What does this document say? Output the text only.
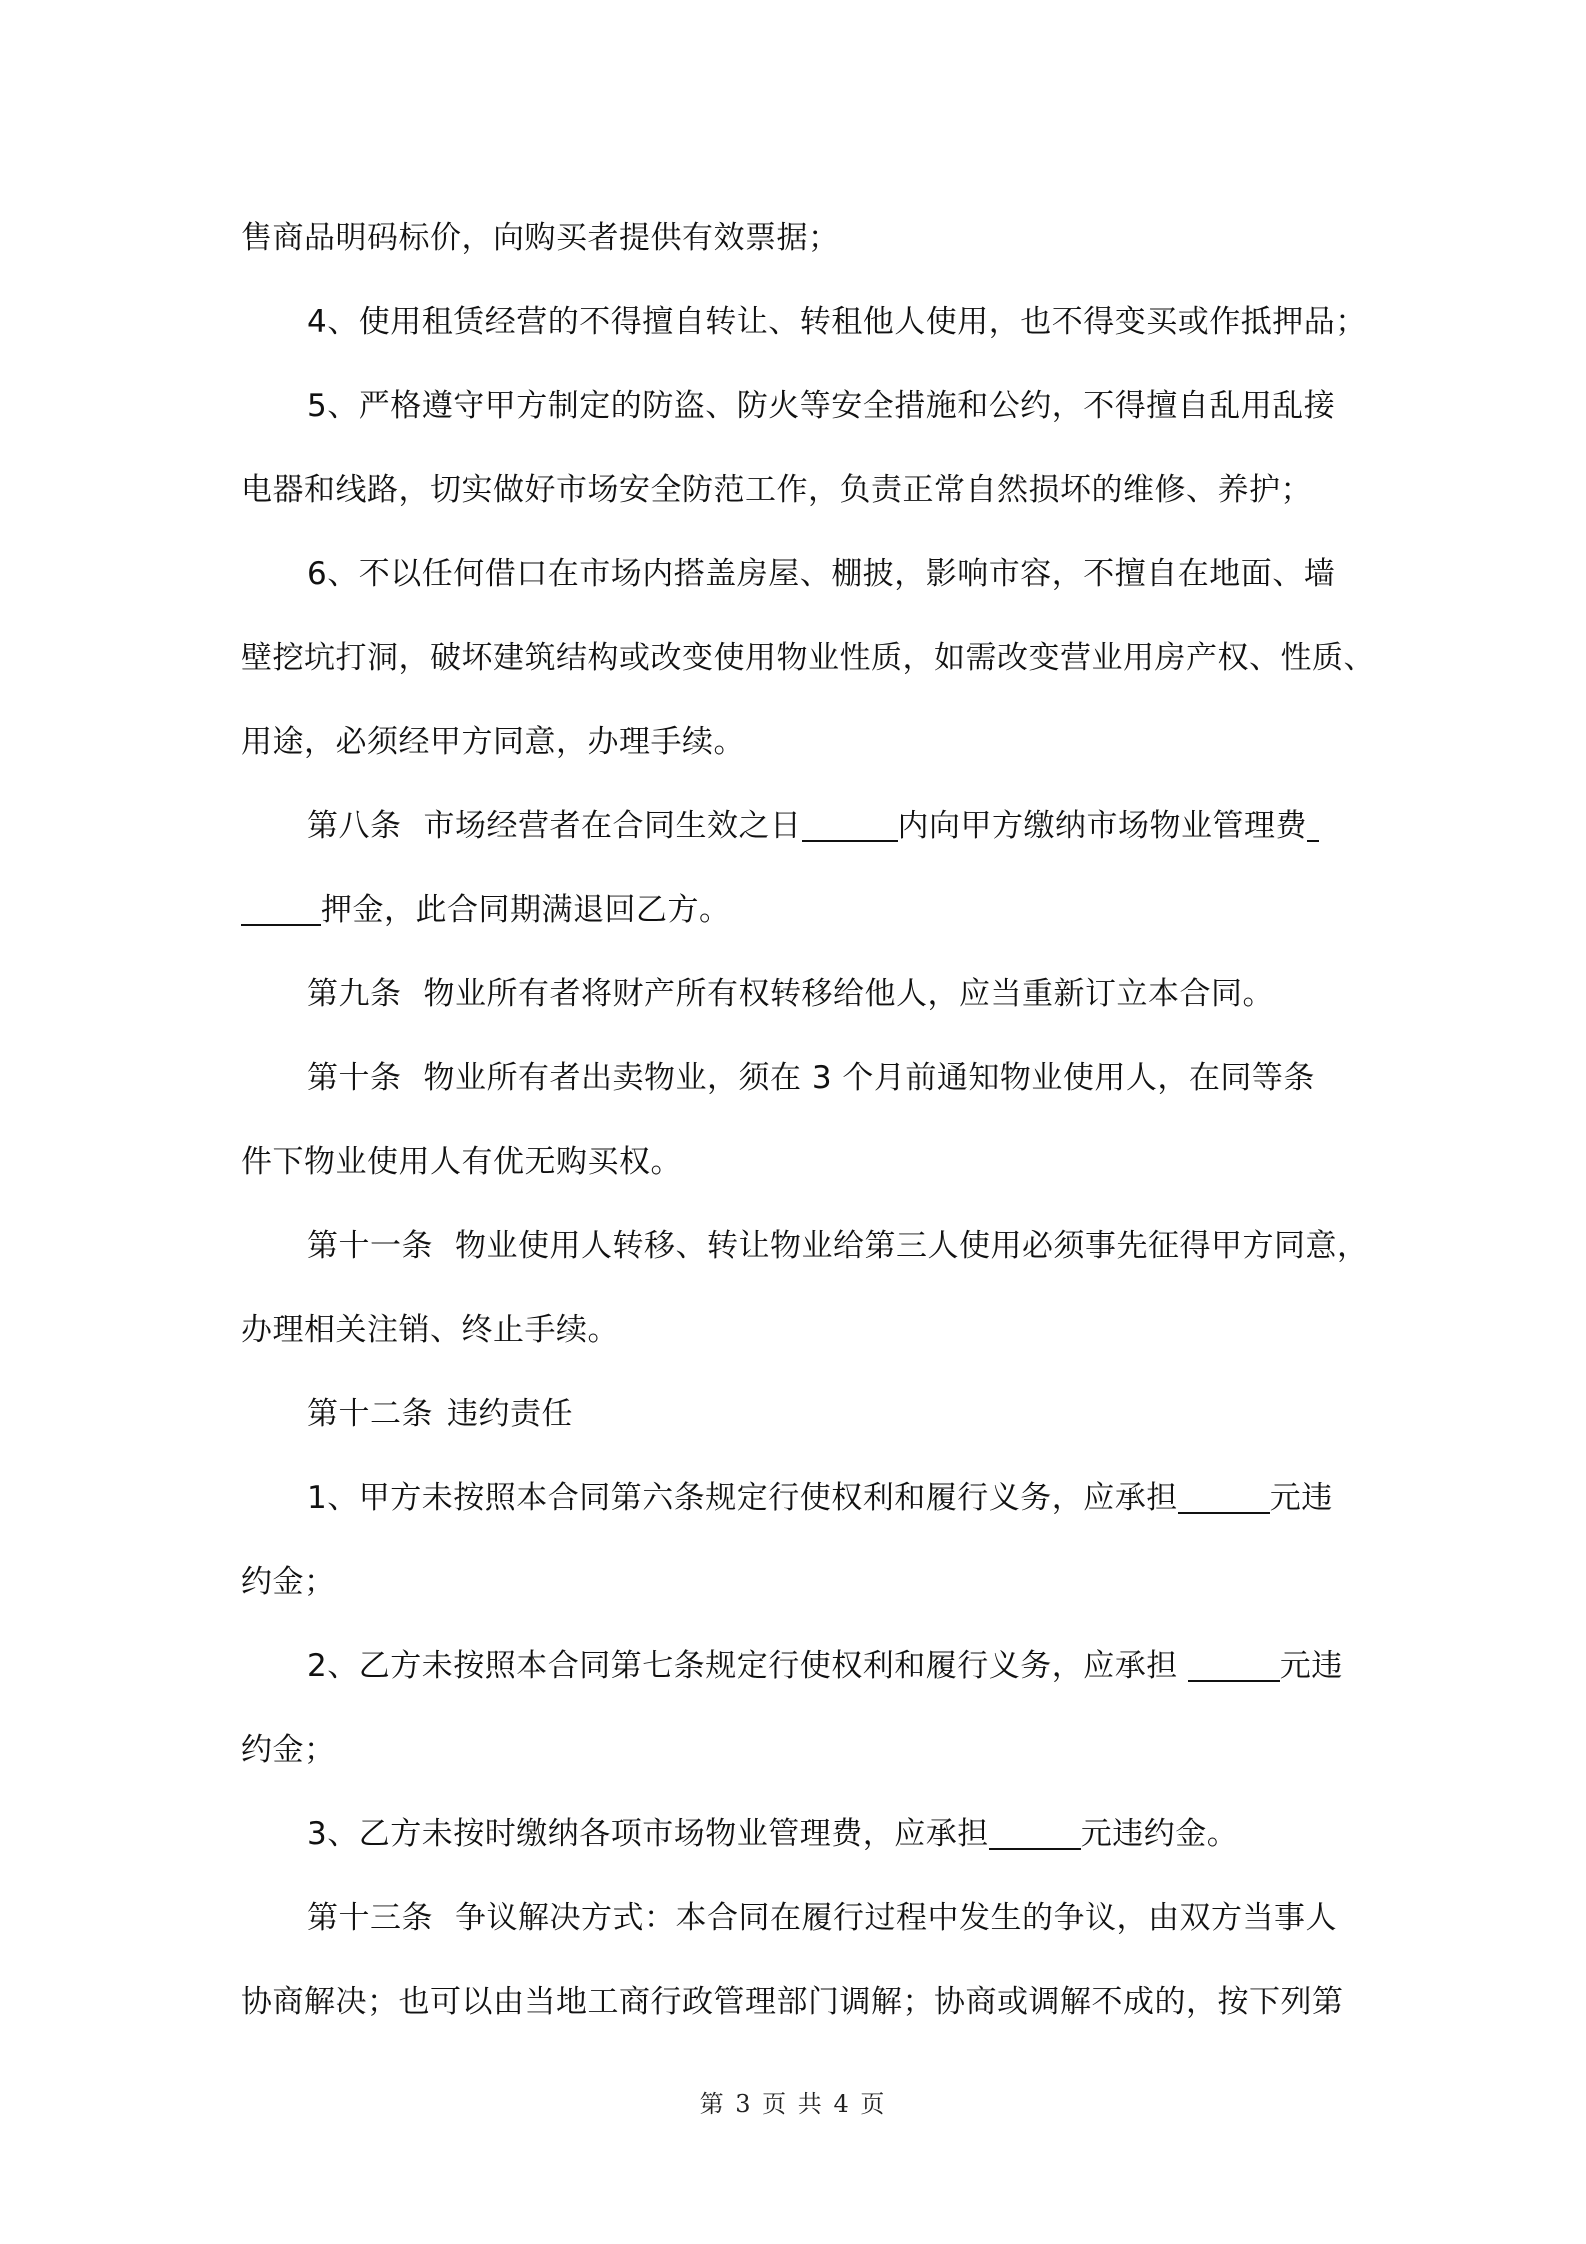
售商品明码标价，向购买者提供有效票据；
4、使用租赁经营的不得擅自转让、转租他人使用，也不得变买或作抵押品；
5、严格遵守甲方制定的防盗、防火等安全措施和公约，不得擅自乱用乱接
电器和线路，切实做好市场安全防范工作，负责正常自然损坏的维修、养护；
6、不以任何借口在市场内搭盖房屋、棚披，影响市容，不擅自在地面、墙
壁挖坑打洞，破坏建筑结构或改变使用物业性质，如需改变营业用房产权、性质、
用途，必须经甲方同意，办理手续。
第八条 市场经营者在合同生效之日	内向甲方缴纳市场物业管理费
押金，此合同期满退回乙方。
第九条 物业所有者将财产所有权转移给他人，应当重新订立本合同。
第十条 物业所有者出卖物业，须在 3 个月前通知物业使用人，在同等条
件下物业使用人有优无购买权。
第十一条 物业使用人转移、转让物业给第三人使用必须事先征得甲方同意，
办理相关注销、终止手续。
第十二条 违约责任
1、甲方未按照本合同第六条规定行使权利和履行义务，应承担	元违
约金；
2、乙方未按照本合同第七条规定行使权利和履行义务，应承担	元违
约金；
3、乙方未按时缴纳各项市场物业管理费，应承担	元违约金。
第十三条 争议解决方式：本合同在履行过程中发生的争议，由双方当事人
协商解决；也可以由当地工商行政管理部门调解；协商或调解不成的，按下列第
第 3 页 共 4 页
